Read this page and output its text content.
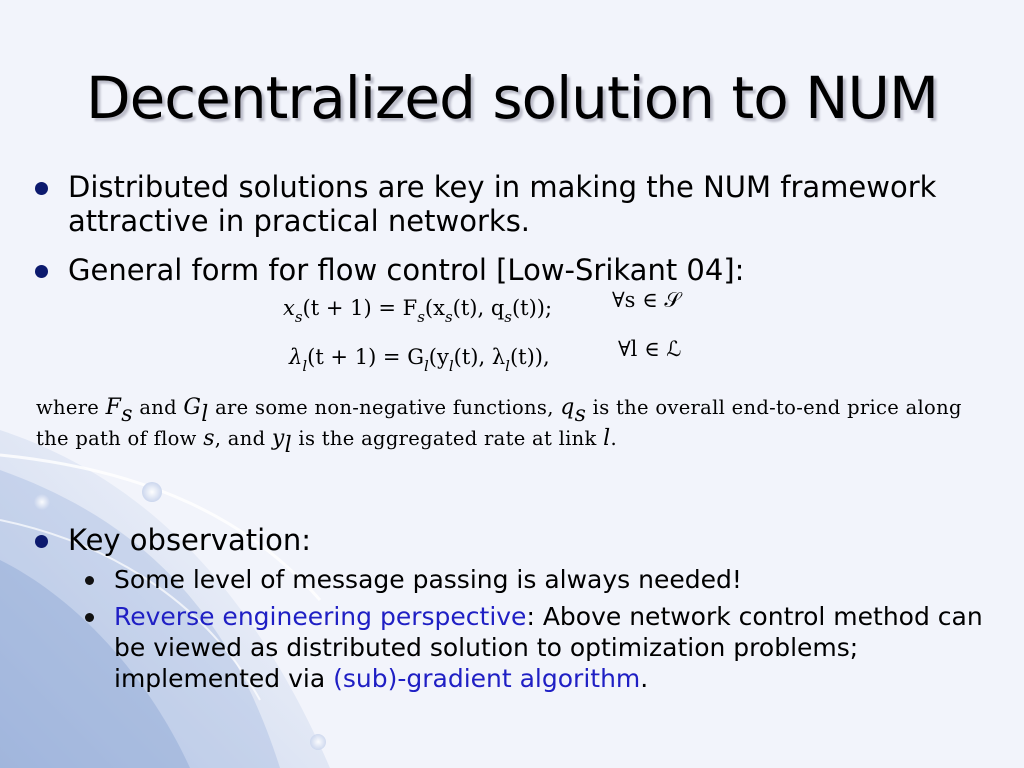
Decentralized solution to NUM
Distributed solutions are key in making the NUM framework attractive in practical networks.
General form for flow control [Low-Srikant 04]:
$x_s(t + 1) = F_s(x_s(t)$, $q_s(t)$);	∀s ∈ 𝒮
$\lambda_l(t + 1) = G_l(y_l(t)$, $\lambda_l(t)$),	∀l ∈ ℒ
where $F_s$ and $G_l$ are some non-negative functions, $q_s$ is the overall end-to-end price along the path of flow s, and $y_l$ is the aggregated rate at link l.
Key observation:
Some level of message passing is always needed!
Reverse engineering perspective: Above network control method can be viewed as distributed solution to optimization problems; implemented via (sub)-gradient algorithm.
